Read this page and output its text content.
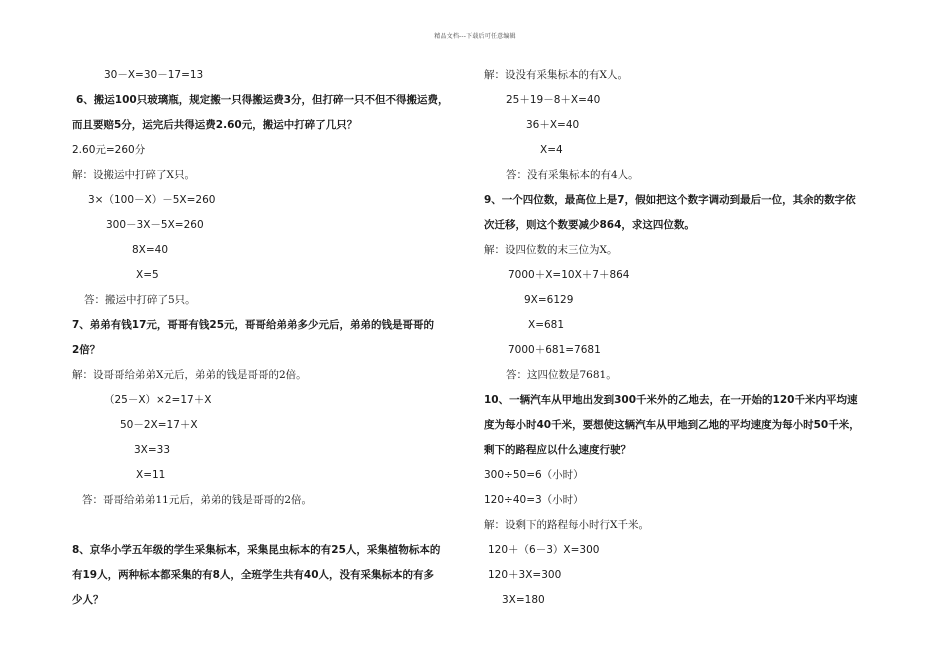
精品文档---下载后可任意编辑
30－X=30－17=13
6、搬运100只玻璃瓶，规定搬一只得搬运费3分，但打碎一只不但不得搬运费，
而且要赔5分，运完后共得运费2.60元，搬运中打碎了几只？
2.60元=260分
解：设搬运中打碎了X只。
3×（100－X）－5X=260
300－3X－5X=260
8X=40
X=5
答：搬运中打碎了5只。
7、弟弟有钱17元，哥哥有钱25元，哥哥给弟弟多少元后，弟弟的钱是哥哥的
2倍？
解：设哥哥给弟弟X元后，弟弟的钱是哥哥的2倍。
（25－X）×2=17＋X
50－2X=17＋X
3X=33
X=11
答：哥哥给弟弟11元后，弟弟的钱是哥哥的2倍。
8、京华小学五年级的学生采集标本，采集昆虫标本的有25人，采集植物标本的
有19人，两种标本都采集的有8人，全班学生共有40人，没有采集标本的有多
少人？
解：设没有采集标本的有X人。
25＋19－8＋X=40
36＋X=40
X=4
答：没有采集标本的有4人。
9、一个四位数，最高位上是7，假如把这个数字调动到最后一位，其余的数字依
次迁移，则这个数要减少864，求这四位数。
解：设四位数的末三位为X。
7000＋X=10X＋7＋864
9X=6129
X=681
7000＋681=7681
答：这四位数是7681。
10、一辆汽车从甲地出发到300千米外的乙地去，在一开始的120千米内平均速
度为每小时40千米，要想使这辆汽车从甲地到乙地的平均速度为每小时50千米，
剩下的路程应以什么速度行驶？
300÷50=6（小时）
120÷40=3（小时）
解：设剩下的路程每小时行X千米。
120＋（6－3）X=300
120＋3X=300
3X=180
